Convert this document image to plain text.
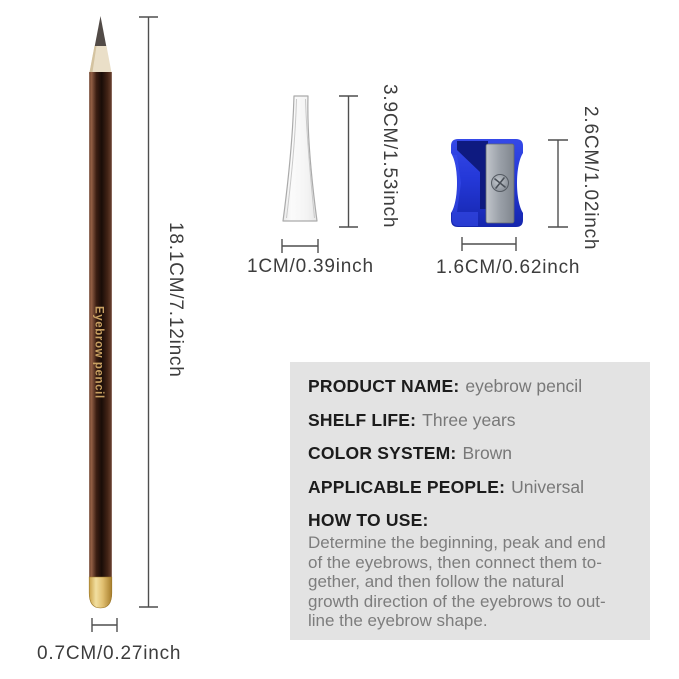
Eyebrow pencil	18.1CM/7.12inch
0.7CM/0.27inch
3.9CM/1.53inch
1CM/0.39inch
2.6CM/1.02inch
1.6CM/0.62inch
PRODUCT NAME: eyebrow pencil
SHELF LIFE: Three years
COLOR SYSTEM: Brown
APPLICABLE PEOPLE: Universal
HOW TO USE:
Determine the beginning, peak and end
of the eyebrows, then connect them to-
gether, and then follow the natural
growth direction of the eyebrows to out-
line the eyebrow shape.
